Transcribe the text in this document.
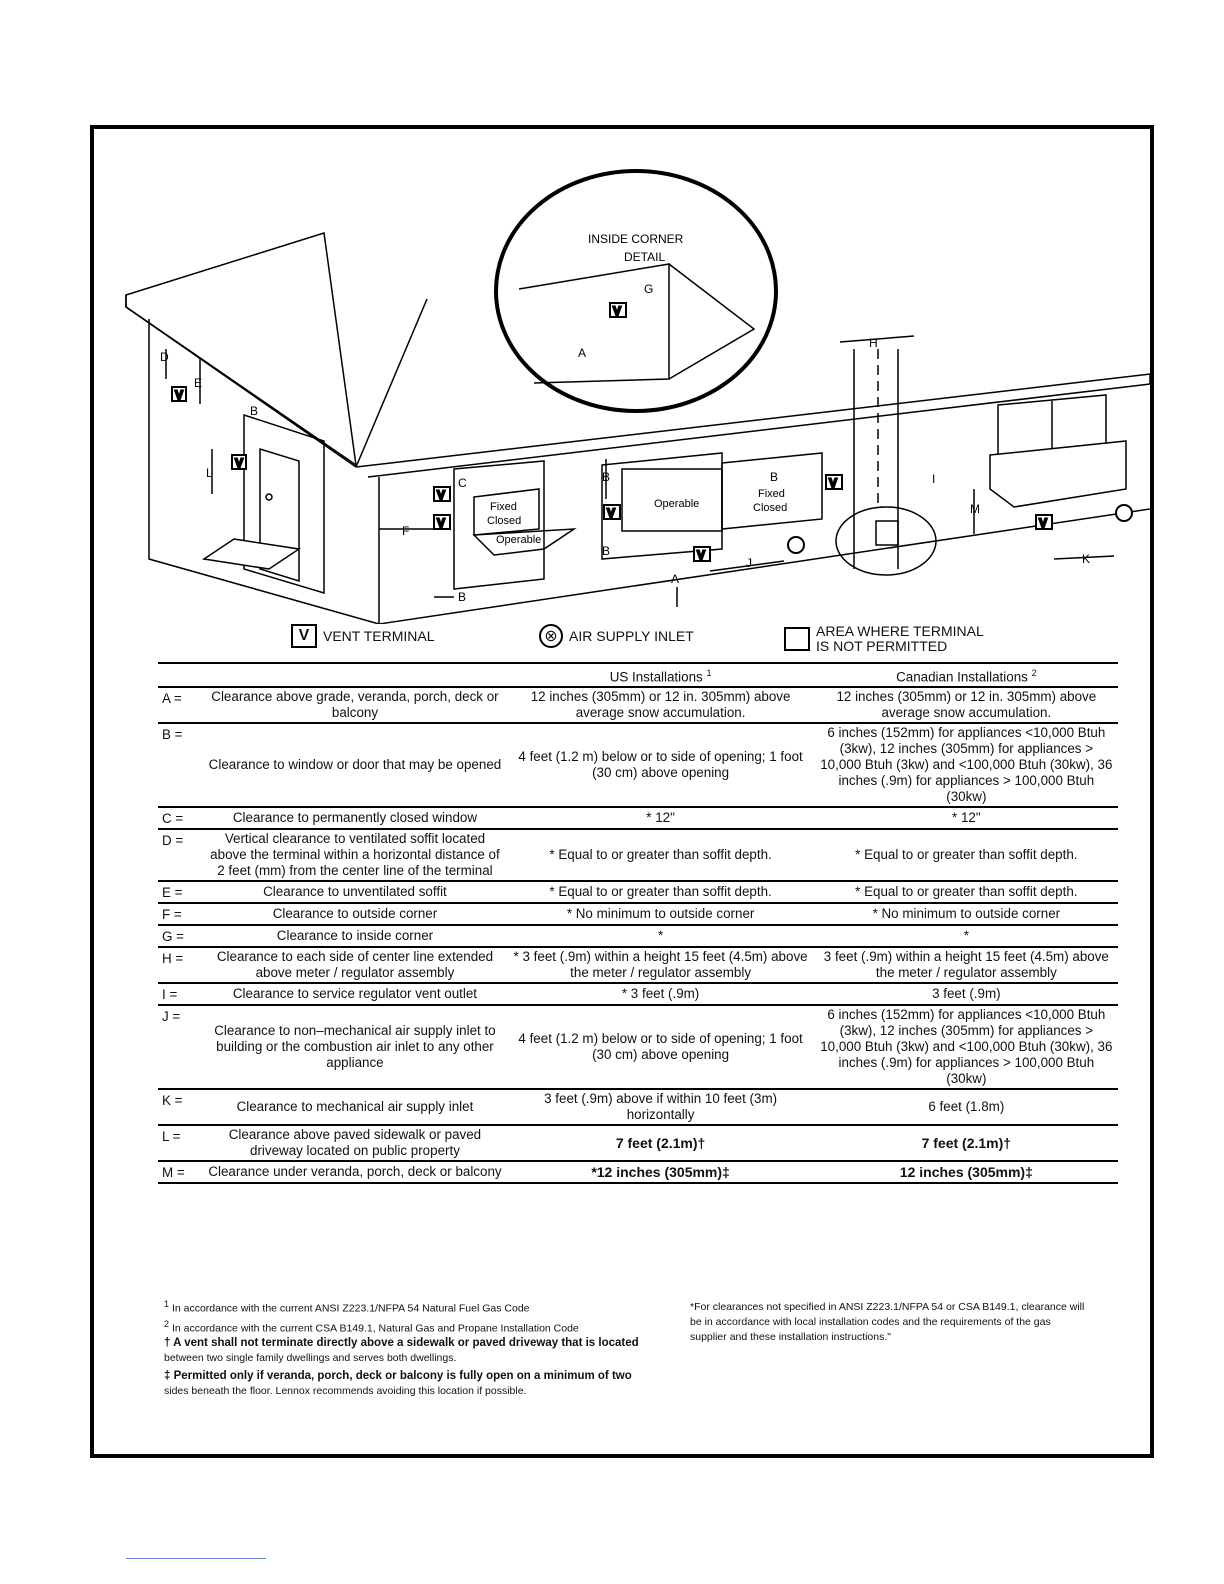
V
V
V
V
V
V
V
V
V
INSIDE CORNER
DETAIL
Fixed
Closed
Operable
Operable
Fixed
Closed
A
A
B
B
B
B
B
C
D
E
F
G
H
I
J	K
L
M
V VENT TERMINAL	⊗ AIR SUPPLY INLET	AREA WHERE TERMINAL
IS NOT PERMITTED
		US Installations $^1$	Canadian Installations $^2$
A =	Clearance above grade, veranda, porch, deck or balcony	12 inches (305mm) or 12 in. 305mm) above average snow accumulation.	12 inches (305mm) or 12 in. 305mm) above average snow accumulation.
B =	Clearance to window or door that may be opened	4 feet (1.2 m) below or to side of opening; 1 foot (30 cm) above opening	6 inches (152mm) for appliances <10,000 Btuh (3kw), 12 inches (305mm) for appliances > 10,000 Btuh (3kw) and <100,000 Btuh (30kw), 36 inches (.9m) for appliances > 100,000 Btuh (30kw)
C =	Clearance to permanently closed window	* 12"	* 12"
D =	Vertical clearance to ventilated soffit located above the terminal within a horizontal distance of 2 feet (mm) from the center line of the terminal	* Equal to or greater than soffit depth.	* Equal to or greater than soffit depth.
E =	Clearance to unventilated soffit	* Equal to or greater than soffit depth.	* Equal to or greater than soffit depth.
F =	Clearance to outside corner	* No minimum to outside corner	* No minimum to outside corner
G =	Clearance to inside corner	*	*
H =	Clearance to each side of center line extended above meter / regulator assembly	* 3 feet (.9m) within a height 15 feet (4.5m) above the meter / regulator assembly	3 feet (.9m) within a height 15 feet (4.5m) above the meter / regulator assembly
I =	Clearance to service regulator vent outlet	* 3 feet (.9m)	3 feet (.9m)
J =	Clearance to non–mechanical air supply inlet to building or the combustion air inlet to any other appliance	4 feet (1.2 m) below or to side of opening; 1 foot (30 cm) above opening	6 inches (152mm) for appliances <10,000 Btuh (3kw), 12 inches (305mm) for appliances > 10,000 Btuh (3kw) and <100,000 Btuh (30kw), 36 inches (.9m) for appliances > 100,000 Btuh (30kw)
K =	Clearance to mechanical air supply inlet	3 feet (.9m) above if within 10 feet (3m) horizontally	6 feet (1.8m)
L =	Clearance above paved sidewalk or paved driveway located on public property	7 feet (2.1m)†	7 feet (2.1m)†
M =	Clearance under veranda, porch, deck or balcony	*12 inches (305mm)‡	12 inches (305mm)‡
$^1$ In accordance with the current ANSI Z223.1/NFPA 54 Natural Fuel Gas Code
$^2$ In accordance with the current CSA B149.1, Natural Gas and Propane Installation Code
† A vent shall not terminate directly above a sidewalk or paved driveway that is located
between two single family dwellings and serves both dwellings.
‡ Permitted only if veranda, porch, deck or balcony is fully open on a minimum of two
sides beneath the floor. Lennox recommends avoiding this location if possible.
*For clearances not specified in ANSI Z223.1/NFPA 54 or CSA B149.1, clearance will be in accordance with local installation codes and the requirements of the gas supplier and these installation instructions."
